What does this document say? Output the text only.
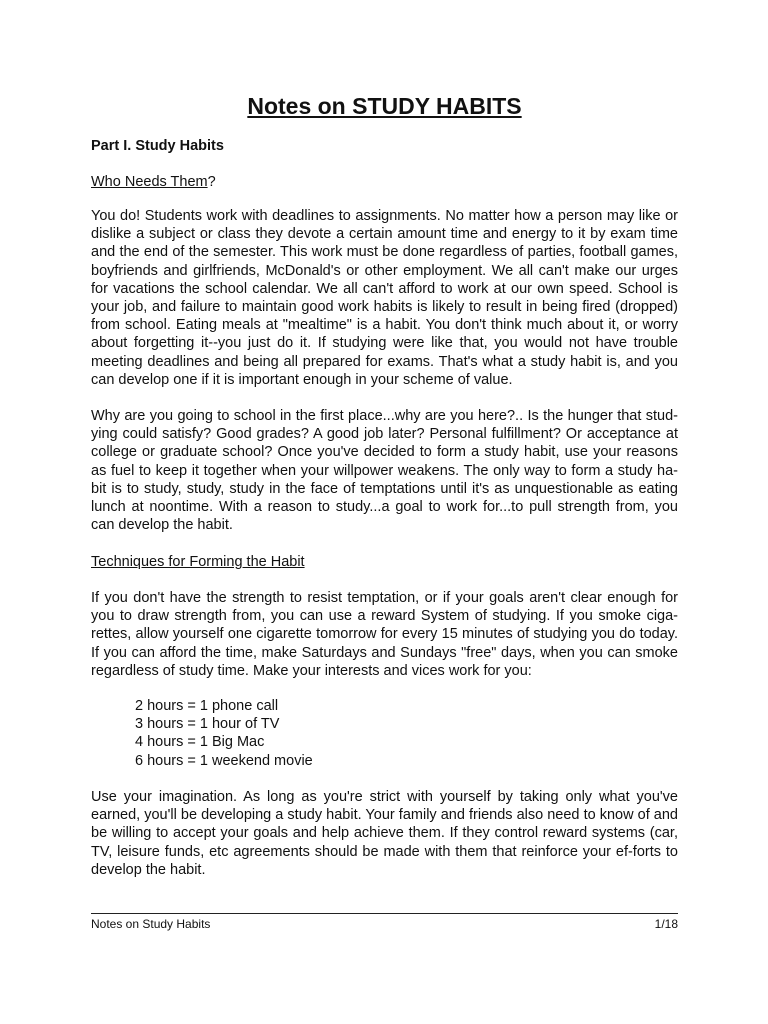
Notes on STUDY HABITS

Part I. Study Habits

Who Needs Them?

You do! Students work with deadlines to assignments. No matter how a person may like or dislike a subject or class they devote a certain amount time and energy to it by exam time and the end of the semester. This work must be done regardless of parties, football games, boyfriends and girlfriends, McDonald's or other employment. We all can't make our urges for vacations the school calendar. We all can't afford to work at our own speed. School is your job, and failure to maintain good work habits is likely to result in being fired (dropped) from school. Eating meals at "mealtime" is a habit. You don't think much about it, or worry about forgetting it--you just do it. If studying were like that, you would not have trouble meeting deadlines and being all prepared for exams. That's what a study habit is, and you can develop one if it is important enough in your scheme of value.

Why are you going to school in the first place...why are you here?.. Is the hunger that stud-ying could satisfy? Good grades? A good job later? Personal fulfillment? Or acceptance at college or graduate school? Once you've decided to form a study habit, use your reasons as fuel to keep it together when your willpower weakens. The only way to form a study ha-bit is to study, study, study in the face of temptations until it's as unquestionable as eating lunch at noontime. With a reason to study...a goal to work for...to pull strength from, you can develop the habit.

Techniques for Forming the Habit

If you don't have the strength to resist temptation, or if your goals aren't clear enough for you to draw strength from, you can use a reward System of studying. If you smoke ciga-rettes, allow yourself one cigarette tomorrow for every 15 minutes of studying you do today. If you can afford the time, make Saturdays and Sundays "free" days, when you can smoke regardless of study time. Make your interests and vices work for you:

2 hours = 1 phone call
3 hours = 1 hour of TV
4 hours = 1 Big Mac
6 hours = 1 weekend movie

Use your imagination. As long as you're strict with yourself by taking only what you've earned, you'll be developing a study habit. Your family and friends also need to know of and be willing to accept your goals and help achieve them. If they control reward systems (car, TV, leisure funds, etc agreements should be made with them that reinforce your ef-forts to develop the habit.

Notes on Study Habits	1/18
